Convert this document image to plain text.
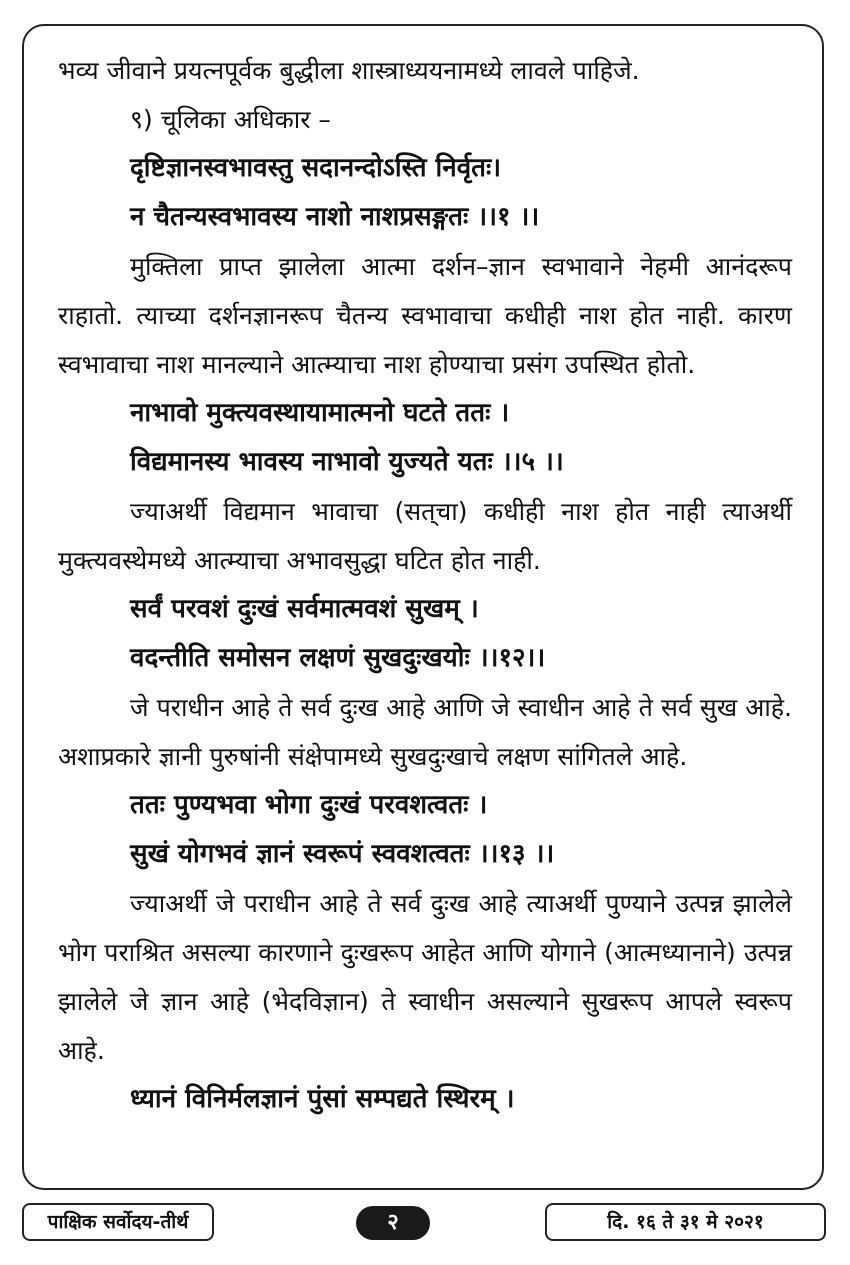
भव्य जीवाने प्रयत्नपूर्वक बुद्धीला शास्त्राध्ययनामध्ये लावले पाहिजे.
९) चूलिका अधिकार –
दृष्टिज्ञानस्वभावस्तु सदानन्दोऽस्ति निर्वृतः।
न चैतन्यस्वभावस्य नाशो नाशप्रसङ्गतः ।।१ ।।
मुक्तिला प्राप्त झालेला आत्मा दर्शन–ज्ञान स्वभावाने नेहमी आनंदरूप राहातो. त्याच्या दर्शनज्ञानरूप चैतन्य स्वभावाचा कधीही नाश होत नाही. कारण स्वभावाचा नाश मानल्याने आत्म्याचा नाश होण्याचा प्रसंग उपस्थित होतो.
नाभावो मुक्त्यवस्थायामात्मनो घटते ततः ।
विद्यमानस्य भावस्य नाभावो युज्यते यतः ।।५ ।।
ज्याअर्थी विद्यमान भावाचा (सत्‌चा) कधीही नाश होत नाही त्याअर्थी मुक्त्यवस्थेमध्ये आत्म्याचा अभावसुद्धा घटित होत नाही.
सर्वं परवशं दुःखं सर्वमात्मवशं सुखम् ।
वदन्तीति समोसन लक्षणं सुखदुःखयोः ।।१२।।
जे पराधीन आहे ते सर्व दुःख आहे आणि जे स्वाधीन आहे ते सर्व सुख आहे. अशाप्रकारे ज्ञानी पुरुषांनी संक्षेपामध्ये सुखदुःखाचे लक्षण सांगितले आहे.
ततः पुण्यभवा भोगा दुःखं परवशत्वतः ।
सुखं योगभवं ज्ञानं स्वरूपं स्ववशत्वतः ।।१३ ।।
ज्याअर्थी जे पराधीन आहे ते सर्व दुःख आहे त्याअर्थी पुण्याने उत्पन्न झालेले भोग पराश्रित असल्या कारणाने दुःखरूप आहेत आणि योगाने (आत्मध्यानाने) उत्पन्न झालेले जे ज्ञान आहे (भेदविज्ञान) ते स्वाधीन असल्याने सुखरूप आपले स्वरूप आहे.
ध्यानं विनिर्मलज्ञानं पुंसां सम्पद्यते स्थिरम् ।
पाक्षिक सर्वोदय-तीर्थ	२	दि. १६ ते ३१ मे २०२१
